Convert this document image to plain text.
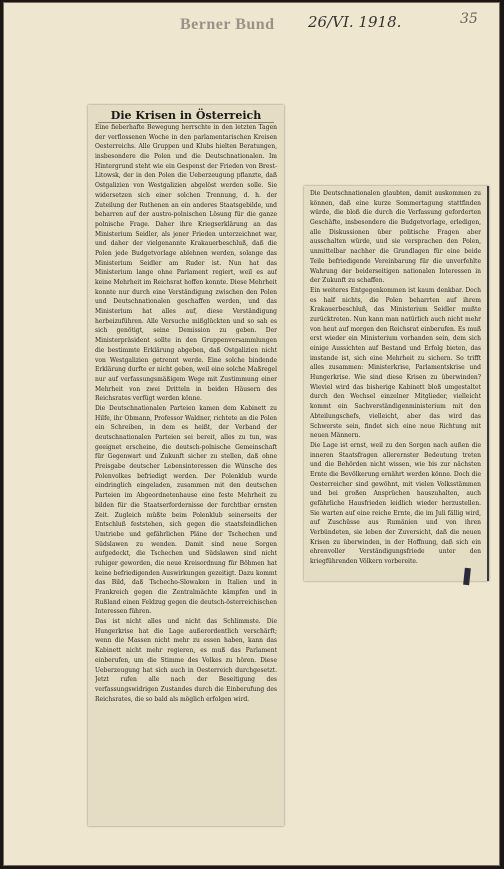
Berner Bund 26/VI. 1918.	35
Die Krisen in Österreich
Eine fieberhafte Bewegung herrschte in den letzten Tagen der verflossenen Woche in den parlamentarischen Kreisen Oesterreichs. Alle Gruppen und Klubs hielten Beratungen, insbesondere die Polen und die Deutschnationalen. Im Hintergrund steht wie ein Gespenst der Frieden von Brest-Litowsk, der in den Polen die Ueberzeugung pflanzte, daß Ostgalizien von Westgalizien abgelöst werden solle. Sie widersetzen sich einer solchen Trennung, d. h. der Zuteilung der Ruthenen an ein anderes Staatsgebilde, und beharren auf der austro-polnischen Lösung für die ganze polnische Frage. Daher ihre Kriegserklärung an das Ministerium Seidler, als jener Frieden unterzeichnet war, und daher der vielgenannte Krakauerbeschluß, daß die Polen jede Budgetvorlage ablehnen werden, solange das Ministerium Seidler am Ruder ist. Nun hat das Ministerium lange ohne Parlament regiert, weil es auf keine Mehrheit im Reichsrat hoffen konnte. Diese Mehrheit konnte nur durch eine Verständigung zwischen den Polen und Deutschnationalen geschaffen werden, und das Ministerium hat alles auf, diese Verständigung herbeizuführen. Alle Versuche mißglückten und so sah es sich genötigt, seine Demission zu geben. Der Ministerpräsident sollte in den Gruppenversammlungen die bestimmte Erklärung abgeben, daß Ostgalizien nicht von Westgalizien getrennt werde. Eine solche bindende Erklärung durfte er nicht geben, weil eine solche Maßregel nur auf verfassungsmäßigem Wege mit Zustimmung einer Mehrheit von zwei Dritteln in beiden Häusern des Reichsrates verfügt werden könne.
Die Deutschnationalen Parteien kamen dem Kabinett zu Hilfe, ihr Obmann, Professor Waldner, richtete an die Polen ein Schreiben, in dem es heißt, der Verband der deutschnationalen Parteien sei bereit, alles zu tun, was geeignet erscheine, die deutsch-polnische Gemeinschaft für Gegenwart und Zukunft sicher zu stellen, daß ohne Preisgabe deutscher Lebensinteressen die Wünsche des Polenvolkes befriedigt werden. Der Polenklub wurde eindringlich eingeladen, zusammen mit den deutschen Parteien im Abgeordnetenhause eine feste Mehrheit zu bilden für die Staatserfordernisse der furchtbar ernsten Zeit. Zugleich müßte beim Polenklub seinerseits der Entschluß feststehen, sich gegen die staatsfeindlichen Umtriebe und gefährlichen Pläne der Tschechen und Südslawen zu wenden. Damit sind neue Sorgen aufgedeckt, die Tschechen und Südslawen sind nicht ruhiger geworden, die neue Kreisordnung für Böhmen hat keine befriedigenden Auswirkungen gezeitigt. Dazu kommt das Bild, daß Tschecho-Slowaken in Italien und in Frankreich gegen die Zentralmächte kämpfen und in Rußland einen Feldzug gegen die deutsch-österreichischen Interessen führen.
Das ist nicht alles und nicht das Schlimmste. Die Hungerkrise hat die Lage außerordentlich verschärft; wenn die Massen nicht mehr zu essen haben, kann das Kabinett nicht mehr regieren, es muß das Parlament einberufen, um die Stimme des Volkes zu hören. Diese Ueberzeugung hat sich auch in Oesterreich durchgesetzt. Jetzt rufen alle nach der Beseitigung des verfassungswidrigen Zustandes durch die Einberufung des Reichsrates, die so bald als möglich erfolgen wird.
Die Deutschnationalen glaubten, damit auskommen zu können, daß eine kurze Sommertagung stattfinden würde, die bloß die durch die Verfassung geforderten Geschäfte, insbesondere die Budgetvorlage, erledigen, alle Diskussionen über politische Fragen aber ausschalten würde, und sie versprachen den Polen, unmittelbar nachher die Grundlagen für eine beide Teile befriedigende Vereinbarung für die unverfehlte Wahrung der beiderseitigen nationalen Interessen in der Zukunft zu schaffen.
Ein weiteres Entgegenkommen ist kaum denkbar. Doch es half nichts, die Polen beharrten auf ihrem Krakauerbeschluß, das Ministerium Seidler mußte zurücktreten. Nun kann man natürlich auch nicht mehr von heut auf morgen den Reichsrat einberufen. Es muß erst wieder ein Ministerium vorhanden sein, dem sich einige Aussichten auf Bestand und Erfolg bieten, das imstande ist, sich eine Mehrheit zu sichern. So trifft alles zusammen: Ministerkrise, Parlamentskrise und Hungerkrise. Wie sind diese Krisen zu überwinden? Wieviel wird das bisherige Kabinett bloß umgestaltet durch den Wechsel einzelner Mitglieder, vielleicht kommt ein Sachverständigenministerium mit den Abteilungschefs, vielleicht, aber das wird das Schwerste sein, findet sich eine neue Richtung mit neuen Männern.
Die Lage ist ernst, weil zu den Sorgen nach außen die inneren Staatsfragen allerernster Bedeutung treten und die Behörden nicht wissen, wie bis zur nächsten Ernte die Bevölkerung ernährt werden könne. Doch die Oesterreicher sind gewöhnt, mit vielen Volksstämmen und bei großen Ansprüchen hauszuhalten, auch gefährliche Hausfrieden leidlich wieder herzustellen. Sie warten auf eine reiche Ernte, die im Juli fällig wird, auf Zuschüsse aus Rumänien und von ihren Verbündeten, sie leben der Zuversicht, daß die neuen Krisen zu überwinden, in der Hoffnung, daß sich ein ehrenvoller Verständigungsfriede unter den kriegführenden Völkern vorbereite.
